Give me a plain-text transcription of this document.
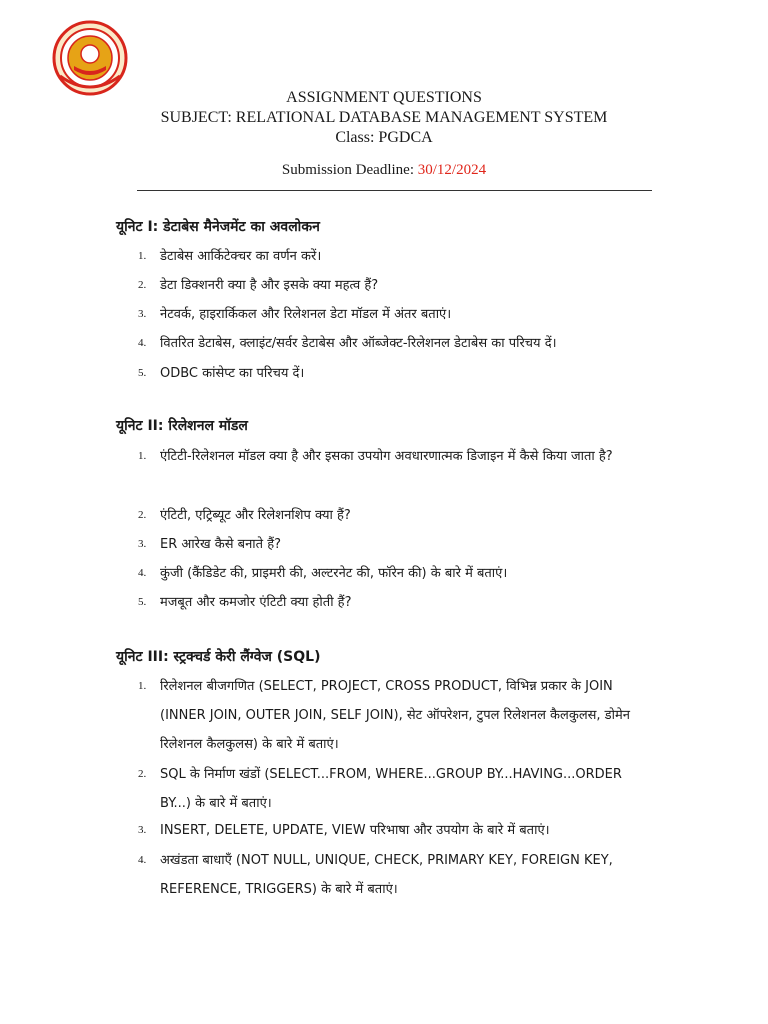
ASSIGNMENT QUESTIONS
SUBJECT: RELATIONAL DATABASE MANAGEMENT SYSTEM
Class: PGDCA
Submission Deadline: 30/12/2024
यूनिट I: डेटाबेस मैनेजमेंट का अवलोकन
1.	डेटाबेस आर्किटेक्चर का वर्णन करें।
2.	डेटा डिक्शनरी क्या है और इसके क्या महत्व हैं?
3.	नेटवर्क, हाइरार्किकल और रिलेशनल डेटा मॉडल में अंतर बताएं।
4.	वितरित डेटाबेस, क्लाइंट/सर्वर डेटाबेस और ऑब्जेक्ट-रिलेशनल डेटाबेस का परिचय दें।
5.	ODBC कांसेप्ट का परिचय दें।
यूनिट II: रिलेशनल मॉडल
1.	एंटिटी-रिलेशनल मॉडल क्या है और इसका उपयोग अवधारणात्मक डिजाइन में कैसे किया जाता है?
2.	एंटिटी, एट्रिब्यूट और रिलेशनशिप क्या हैं?
3.	ER आरेख कैसे बनाते हैं?
4.	कुंजी (कैंडिडेट की, प्राइमरी की, अल्टरनेट की, फॉरेन की) के बारे में बताएं।
5.	मजबूत और कमजोर एंटिटी क्या होती हैं?
यूनिट III: स्ट्रक्चर्ड केरी लैंग्वेज (SQL)
1.	रिलेशनल बीजगणित (SELECT, PROJECT, CROSS PRODUCT, विभिन्न प्रकार के JOIN (INNER JOIN, OUTER JOIN, SELF JOIN), सेट ऑपरेशन, टुपल रिलेशनल कैलकुलस, डोमेन रिलेशनल कैलकुलस) के बारे में बताएं।
2.	SQL के निर्माण खंडों (SELECT...FROM, WHERE...GROUP BY...HAVING...ORDER BY...) के बारे में बताएं।
3.	INSERT, DELETE, UPDATE, VIEW परिभाषा और उपयोग के बारे में बताएं।
4.	अखंडता बाधाएँ (NOT NULL, UNIQUE, CHECK, PRIMARY KEY, FOREIGN KEY, REFERENCE, TRIGGERS) के बारे में बताएं।
